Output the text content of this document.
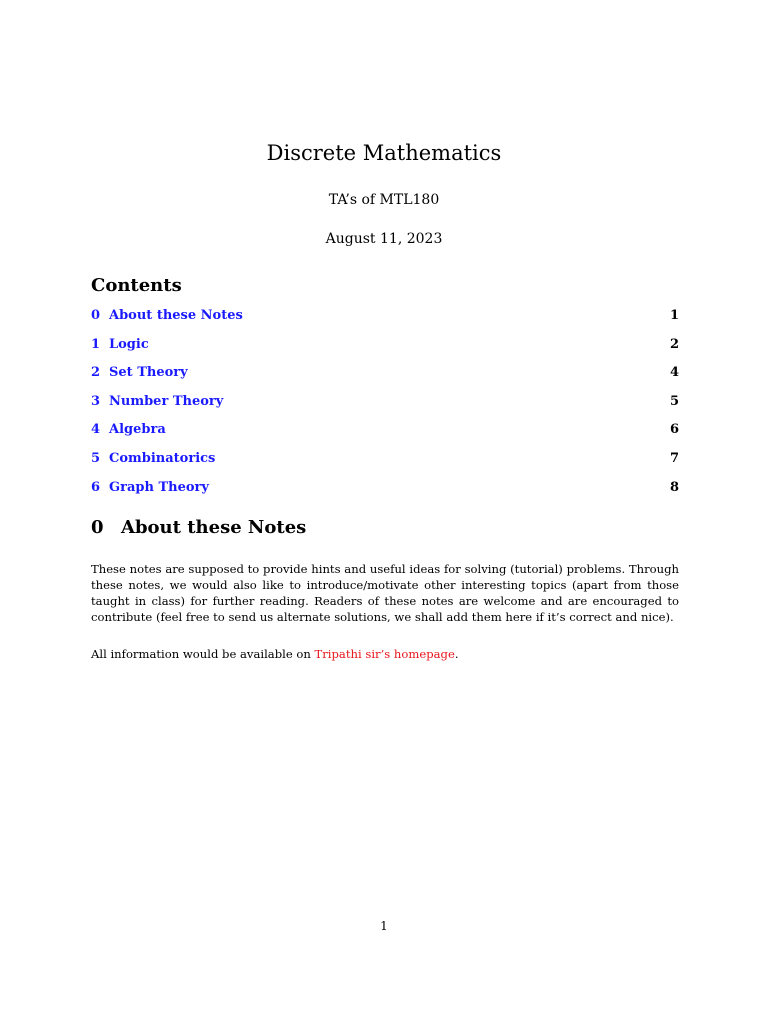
Discrete Mathematics
TA’s of MTL180
August 11, 2023
Contents
0 About these Notes	1
1 Logic	2
2 Set Theory	4
3 Number Theory	5
4 Algebra	6
5 Combinatorics	7
6 Graph Theory	8
0 About these Notes

These notes are supposed to provide hints and useful ideas for solving (tutorial) problems. Through these notes, we would also like to introduce/motivate other interesting topics (apart from those taught in class) for further reading. Readers of these notes are welcome and are encouraged to contribute (feel free to send us alternate solutions, we shall add them here if it’s correct and nice).

All information would be available on Tripathi sir’s homepage.

1
